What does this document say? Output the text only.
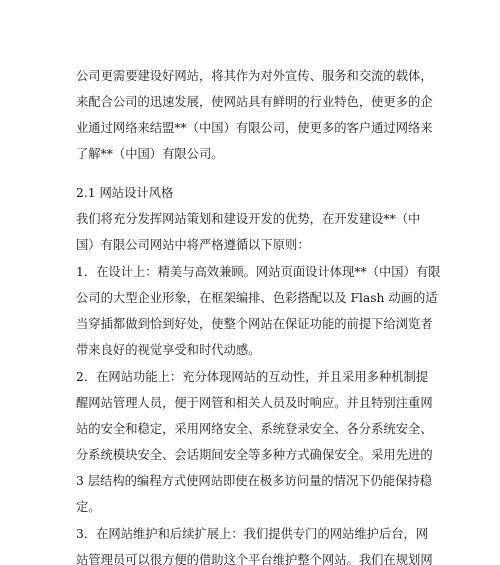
公司更需要建设好网站，将其作为对外宣传、服务和交流的载体，
来配合公司的迅速发展，使网站具有鲜明的行业特色，使更多的企
业通过网络来结盟**（中国）有限公司，使更多的客户通过网络来
了解**（中国）有限公司。
2.1 网站设计风格
我们将充分发挥网站策划和建设开发的优势，在开发建设**（中
国）有限公司网站中将严格遵循以下原则：
1．在设计上：精美与高效兼顾。网站页面设计体现**（中国）有限
公司的大型企业形象，在框架编排、色彩搭配以及 Flash 动画的适
当穿插都做到恰到好处，使整个网站在保证功能的前提下给浏览者
带来良好的视觉享受和时代动感。
2．在网站功能上：充分体现网站的互动性，并且采用多种机制提
醒网站管理人员，便于网管和相关人员及时响应。并且特别注重网
站的安全和稳定，采用网络安全、系统登录安全、各分系统安全、
分系统模块安全、会话期间安全等多种方式确保安全。采用先进的
3 层结构的编程方式使网站即使在极多访问量的情况下仍能保持稳
定。
3．在网站维护和后续扩展上：我们提供专门的网站维护后台，网
站管理员可以很方便的借助这个平台维护整个网站。我们在规划网
